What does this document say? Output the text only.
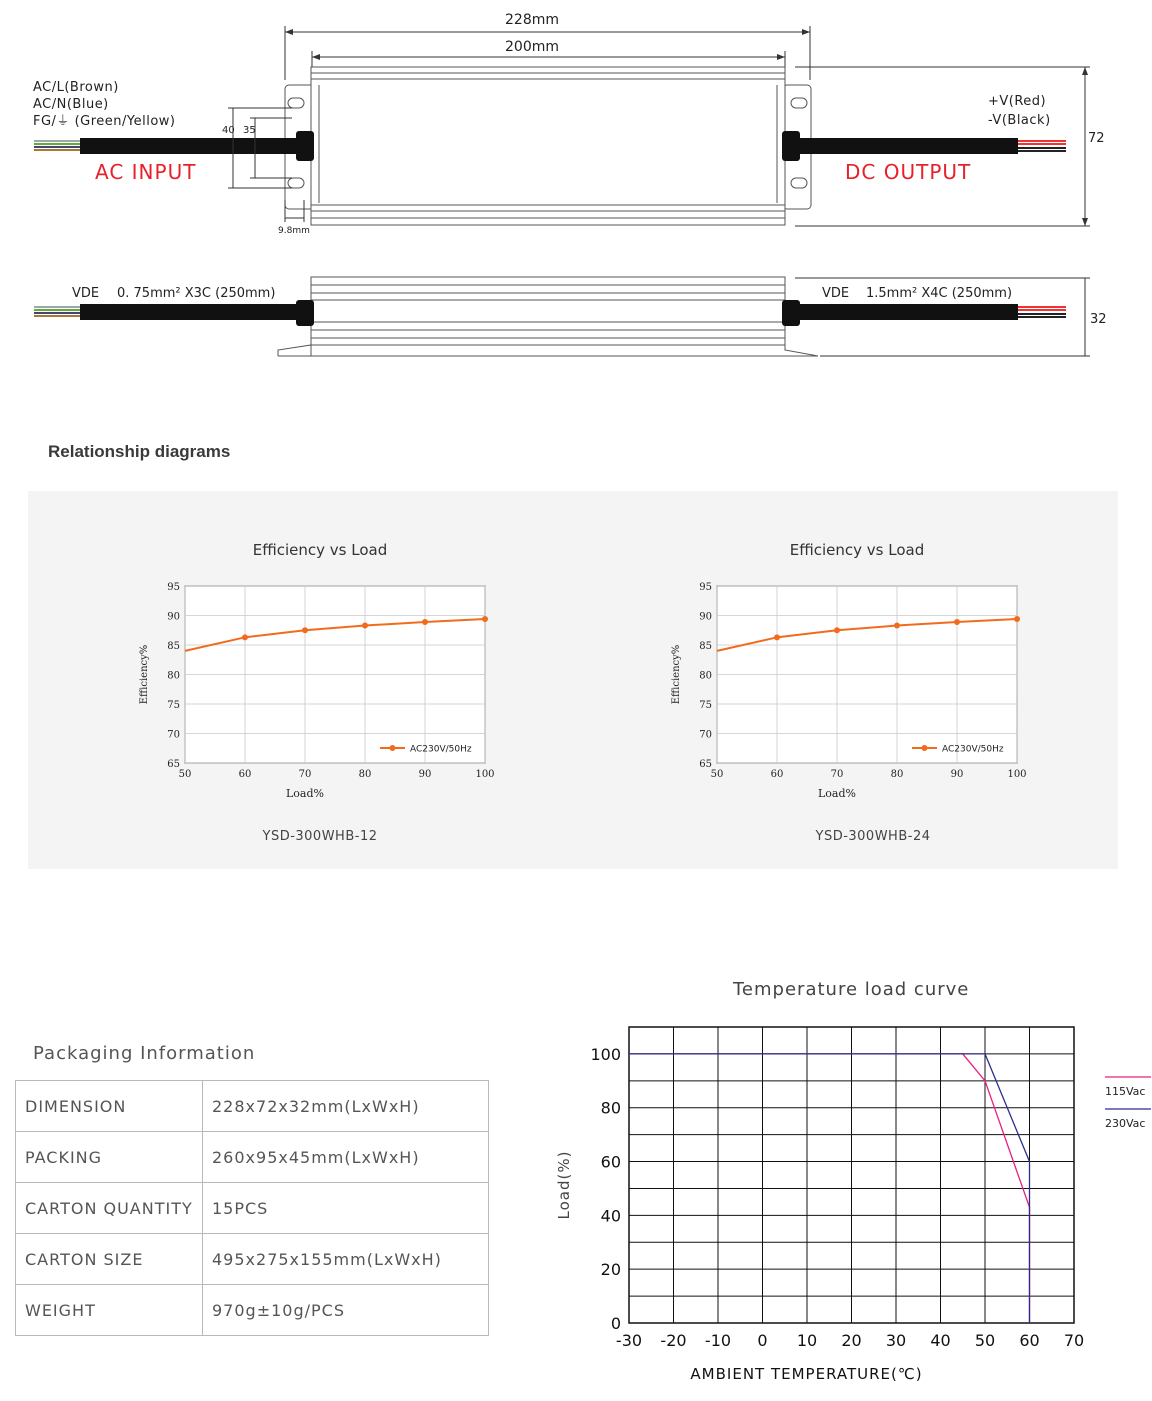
228mm
200mm
AC/L(Brown)
AC/N(Blue)
FG/⏚ (Green/Yellow)
+V(Red)
-V(Black)
AC INPUT	DC OUTPUT
40 35
9.8mm
72
32
VDE 0. 75mm² X3C (250mm)	VDE 1.5mm² X4C (250mm)
Relationship diagrams
Efficiency vs Load	Efficiency vs Load
95
90
85
80
75
70
65
50	60	70	80	90	100
Load%
Efficiency%
AC230V/50Hz
95
90
85
80
75
70
65
50	60	70	80	90	100
Load%
Efficiency%
AC230V/50Hz
YSD-300WHB-12	YSD-300WHB-24
Packaging Information
DIMENSION	228x72x32mm(LxWxH)
PACKING	260x95x45mm(LxWxH)
CARTON QUANTITY	15PCS
CARTON SIZE	495x275x155mm(LxWxH)
WEIGHT	970g±10g/PCS
Temperature load curve
100
80
60
40
20
0
-30 -20 -10 0 10 20 30 40 50 60 70
AMBIENT TEMPERATURE(℃)
Load(%)
115Vac
230Vac
